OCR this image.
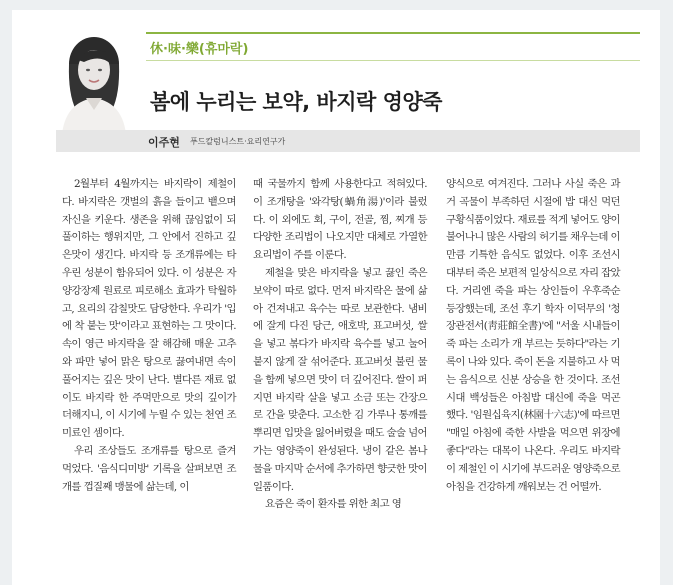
休·味·樂(휴마락)
봄에 누리는 보약, 바지락 영양죽
이주현 푸드칼럼니스트·요리연구가

2월부터 4월까지는 바지락이 제철이다. 바지락은 갯벌의 흙을 들이고 뱉으며 자신을 키운다. 생존을 위해 끊임없이 되풀이하는 행위지만, 그 안에서 진하고 깊은맛이 생긴다. 바지락 등 조개류에는 타우린 성분이 함유되어 있다. 이 성분은 자양강장제 원료로 피로해소 효과가 탁월하고, 요리의 감칠맛도 담당한다. 우리가 '입에 착 붙는 맛'이라고 표현하는 그 맛이다. 속이 영근 바지락을 잘 해감해 매운 고추와 파만 넣어 맑은 탕으로 끓여내면 속이 풀어지는 깊은 맛이 난다. 별다른 재료 없이도 바지락 한 주먹만으로 맛의 깊이가 더해지니, 이 시기에 누릴 수 있는 천연 조미료인 셈이다.

우리 조상들도 조개류를 탕으로 즐겨 먹었다. '음식디미방' 기록을 살펴보면 조개를 껍질째 맹물에 삶는데, 이

때 국물까지 함께 사용한다고 적혀있다. 이 조개탕을 '와각탕(蝸角湯)'이라 불렀다. 이 외에도 회, 구이, 전골, 찜, 찌개 등 다양한 조리법이 나오지만 대체로 가열한 요리법이 주를 이룬다.

제철을 맞은 바지락을 넣고 끓인 죽은 보약이 따로 없다. 먼저 바지락은 물에 삶아 건져내고 육수는 따로 보관한다. 냄비에 잘게 다진 당근, 애호박, 표고버섯, 쌀을 넣고 볶다가 바지락 육수를 넣고 눌어붙지 않게 잘 섞어준다. 표고버섯 불린 물을 함께 넣으면 맛이 더 깊어진다. 쌀이 퍼지면 바지락 살을 넣고 소금 또는 간장으로 간을 맞춘다. 고소한 김 가루나 통깨를 뿌리면 입맛을 잃어버렸을 때도 술술 넘어가는 영양죽이 완성된다. 냉이 같은 봄나물을 마지막 순서에 추가하면 향긋한 맛이 일품이다.

요즘은 죽이 환자를 위한 최고 영

양식으로 여겨진다. 그러나 사실 죽은 과거 곡물이 부족하던 시절에 밥 대신 먹던 구황식품이었다. 재료를 적게 넣어도 양이 불어나니 많은 사람의 허기를 채우는데 이만큼 기특한 음식도 없었다. 이후 조선시대부터 죽은 보편적 일상식으로 자리 잡았다. 거리엔 죽을 파는 상인들이 우후죽순 등장했는데, 조선 후기 학자 이덕무의 '청장관전서(靑莊館全書)'에 "서울 시내들이 죽 파는 소리가 개 부르는 듯하다"라는 기록이 나와 있다. 죽이 돈을 지불하고 사 먹는 음식으로 신분 상승을 한 것이다. 조선시대 백성들은 아침밥 대신에 죽을 먹곤 했다. '임원십육지(林園十六志)'에 따르면 "매일 아침에 죽한 사발을 먹으면 위장에 좋다"라는 대목이 나온다. 우리도 바지락이 제철인 이 시기에 부드러운 영양죽으로 아침을 건강하게 깨워보는 건 어떨까.
